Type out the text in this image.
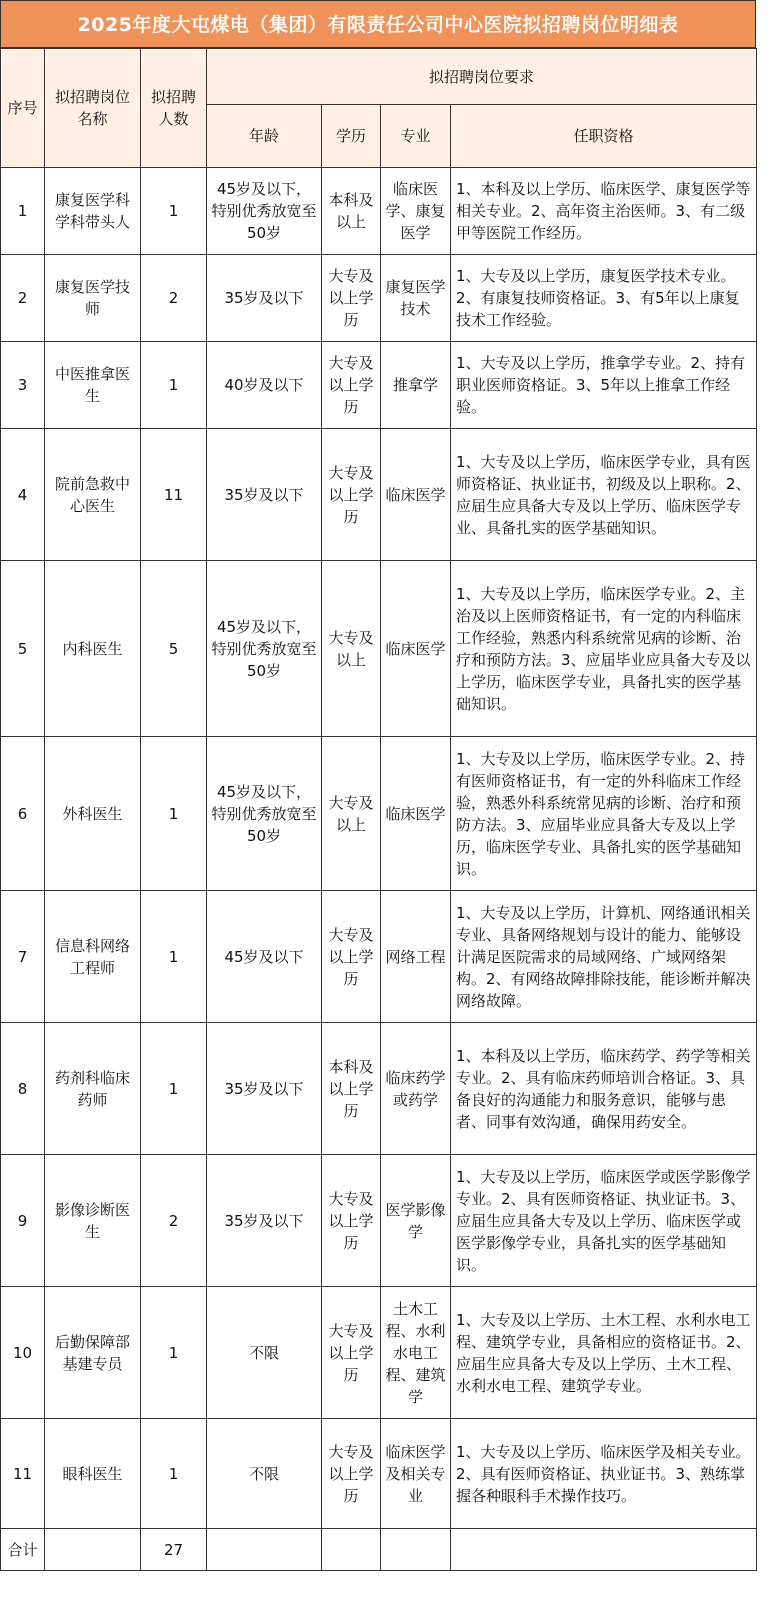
2025年度大屯煤电（集团）有限责任公司中心医院拟招聘岗位明细表
序号	拟招聘岗位名称	拟招聘人数	拟招聘岗位要求			
			年龄	学历	专业	任职资格
1	康复医学科学科带头人	1	45岁及以下，特别优秀放宽至50岁	本科及以上	临床医学、康复医学	1、本科及以上学历、临床医学、康复医学等相关专业。2、高年资主治医师。3、有二级甲等医院工作经历。
2	康复医学技师	2	35岁及以下	大专及以上学历	康复医学技术	1、大专及以上学历，康复医学技术专业。2、有康复技师资格证。3、有5年以上康复技术工作经验。
3	中医推拿医生	1	40岁及以下	大专及以上学历	推拿学	1、大专及以上学历，推拿学专业。2、持有职业医师资格证。3、5年以上推拿工作经验。
4	院前急救中心医生	11	35岁及以下	大专及以上学历	临床医学	1、大专及以上学历，临床医学专业，具有医师资格证、执业证书，初级及以上职称。2、应届生应具备大专及以上学历、临床医学专业、具备扎实的医学基础知识。
5	内科医生	5	45岁及以下，特别优秀放宽至50岁	大专及以上	临床医学	1、大专及以上学历，临床医学专业。2、主治及以上医师资格证书，有一定的内科临床工作经验，熟悉内科系统常见病的诊断、治疗和预防方法。3、应届毕业应具备大专及以上学历，临床医学专业，具备扎实的医学基础知识。
6	外科医生	1	45岁及以下，特别优秀放宽至50岁	大专及以上	临床医学	1、大专及以上学历，临床医学专业。2、持有医师资格证书，有一定的外科临床工作经验，熟悉外科系统常见病的诊断、治疗和预防方法。3、应届毕业应具备大专及以上学历，临床医学专业、具备扎实的医学基础知识。
7	信息科网络工程师	1	45岁及以下	大专及以上学历	网络工程	1、大专及以上学历，计算机、网络通讯相关专业、具备网络规划与设计的能力、能够设计满足医院需求的局域网络、广域网络架构。2、有网络故障排除技能，能诊断并解决网络故障。
8	药剂科临床药师	1	35岁及以下	本科及以上学历	临床药学或药学	1、本科及以上学历，临床药学、药学等相关专业。2、具有临床药师培训合格证。3、具备良好的沟通能力和服务意识，能够与患者、同事有效沟通，确保用药安全。
9	影像诊断医生	2	35岁及以下	大专及以上学历	医学影像学	1、大专及以上学历，临床医学或医学影像学专业。2、具有医师资格证、执业证书。3、应届生应具备大专及以上学历、临床医学或医学影像学专业，具备扎实的医学基础知识。
10	后勤保障部基建专员	1	不限	大专及以上学历	土木工程、水利水电工程、建筑学	1、大专及以上学历、土木工程、水利水电工程、建筑学专业，具备相应的资格证书。2、应届生应具备大专及以上学历、土木工程、水利水电工程、建筑学专业。
11	眼科医生	1	不限	大专及以上学历	临床医学及相关专业	1、大专及以上学历、临床医学及相关专业。2、具有医师资格证、执业证书。3、熟练掌握各种眼科手术操作技巧。
合计		27				
